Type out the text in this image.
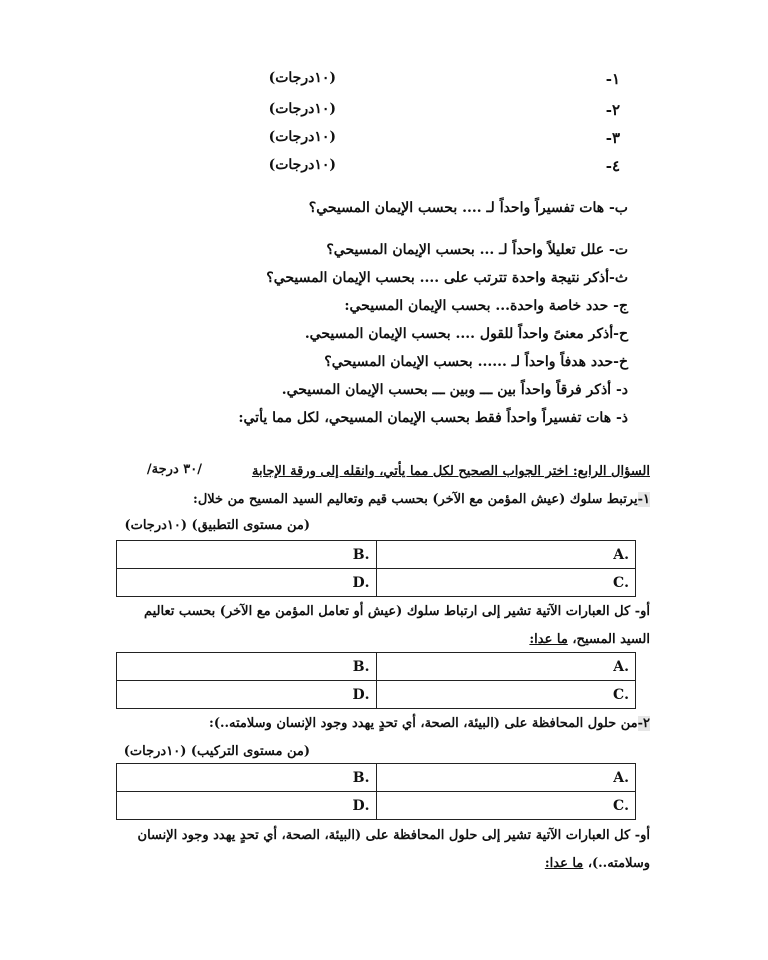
١-
(١٠درجات)
٢-
(١٠درجات)
٣-
(١٠درجات)
٤-
(١٠درجات)
ب- هات تفسيراً واحداً لـ .... بحسب الإيمان المسيحي؟
ت- علل تعليلاً واحداً لـ ... بحسب الإيمان المسيحي؟
ث-أذكر نتيجة واحدة تترتب على .... بحسب الإيمان المسيحي؟
ج- حدد خاصة واحدة... بحسب الإيمان المسيحي:
ح-أذكر معنىً واحداً للقول .... بحسب الإيمان المسيحي.
خ-حدد هدفاً واحداً لـ ...... بحسب الإيمان المسيحي؟
د- أذكر فرقاً واحداً بين ـــ وبين ـــ بحسب الإيمان المسيحي.
ذ- هات تفسيراً واحداً فقط بحسب الإيمان المسيحي، لكل مما يأتي:
السؤال الرابع: اختر الجواب الصحيح لكل مما يأتي، وانقله إلى ورقة الإجابة
/٣٠ درجة/
١-يرتبط سلوك (عيش المؤمن مع الآخر) بحسب قيم وتعاليم السيد المسيح من خلال:
(من مستوى التطبيق) (١٠درجات)
.A	.B
.C	.D
أو- كل العبارات الآتية تشير إلى ارتباط سلوك (عيش أو تعامل المؤمن مع الآخر) بحسب تعاليم
السيد المسيح، ما عدا:
.A	.B
.C	.D
٢-من حلول المحافظة على (البيئة، الصحة، أي تحدٍ يهدد وجود الإنسان وسلامته..):
(من مستوى التركيب) (١٠درجات)
.A	.B
.C	.D
أو- كل العبارات الآتية تشير إلى حلول المحافظة على (البيئة، الصحة، أي تحدٍ يهدد وجود الإنسان
وسلامته..)، ما عدا:
